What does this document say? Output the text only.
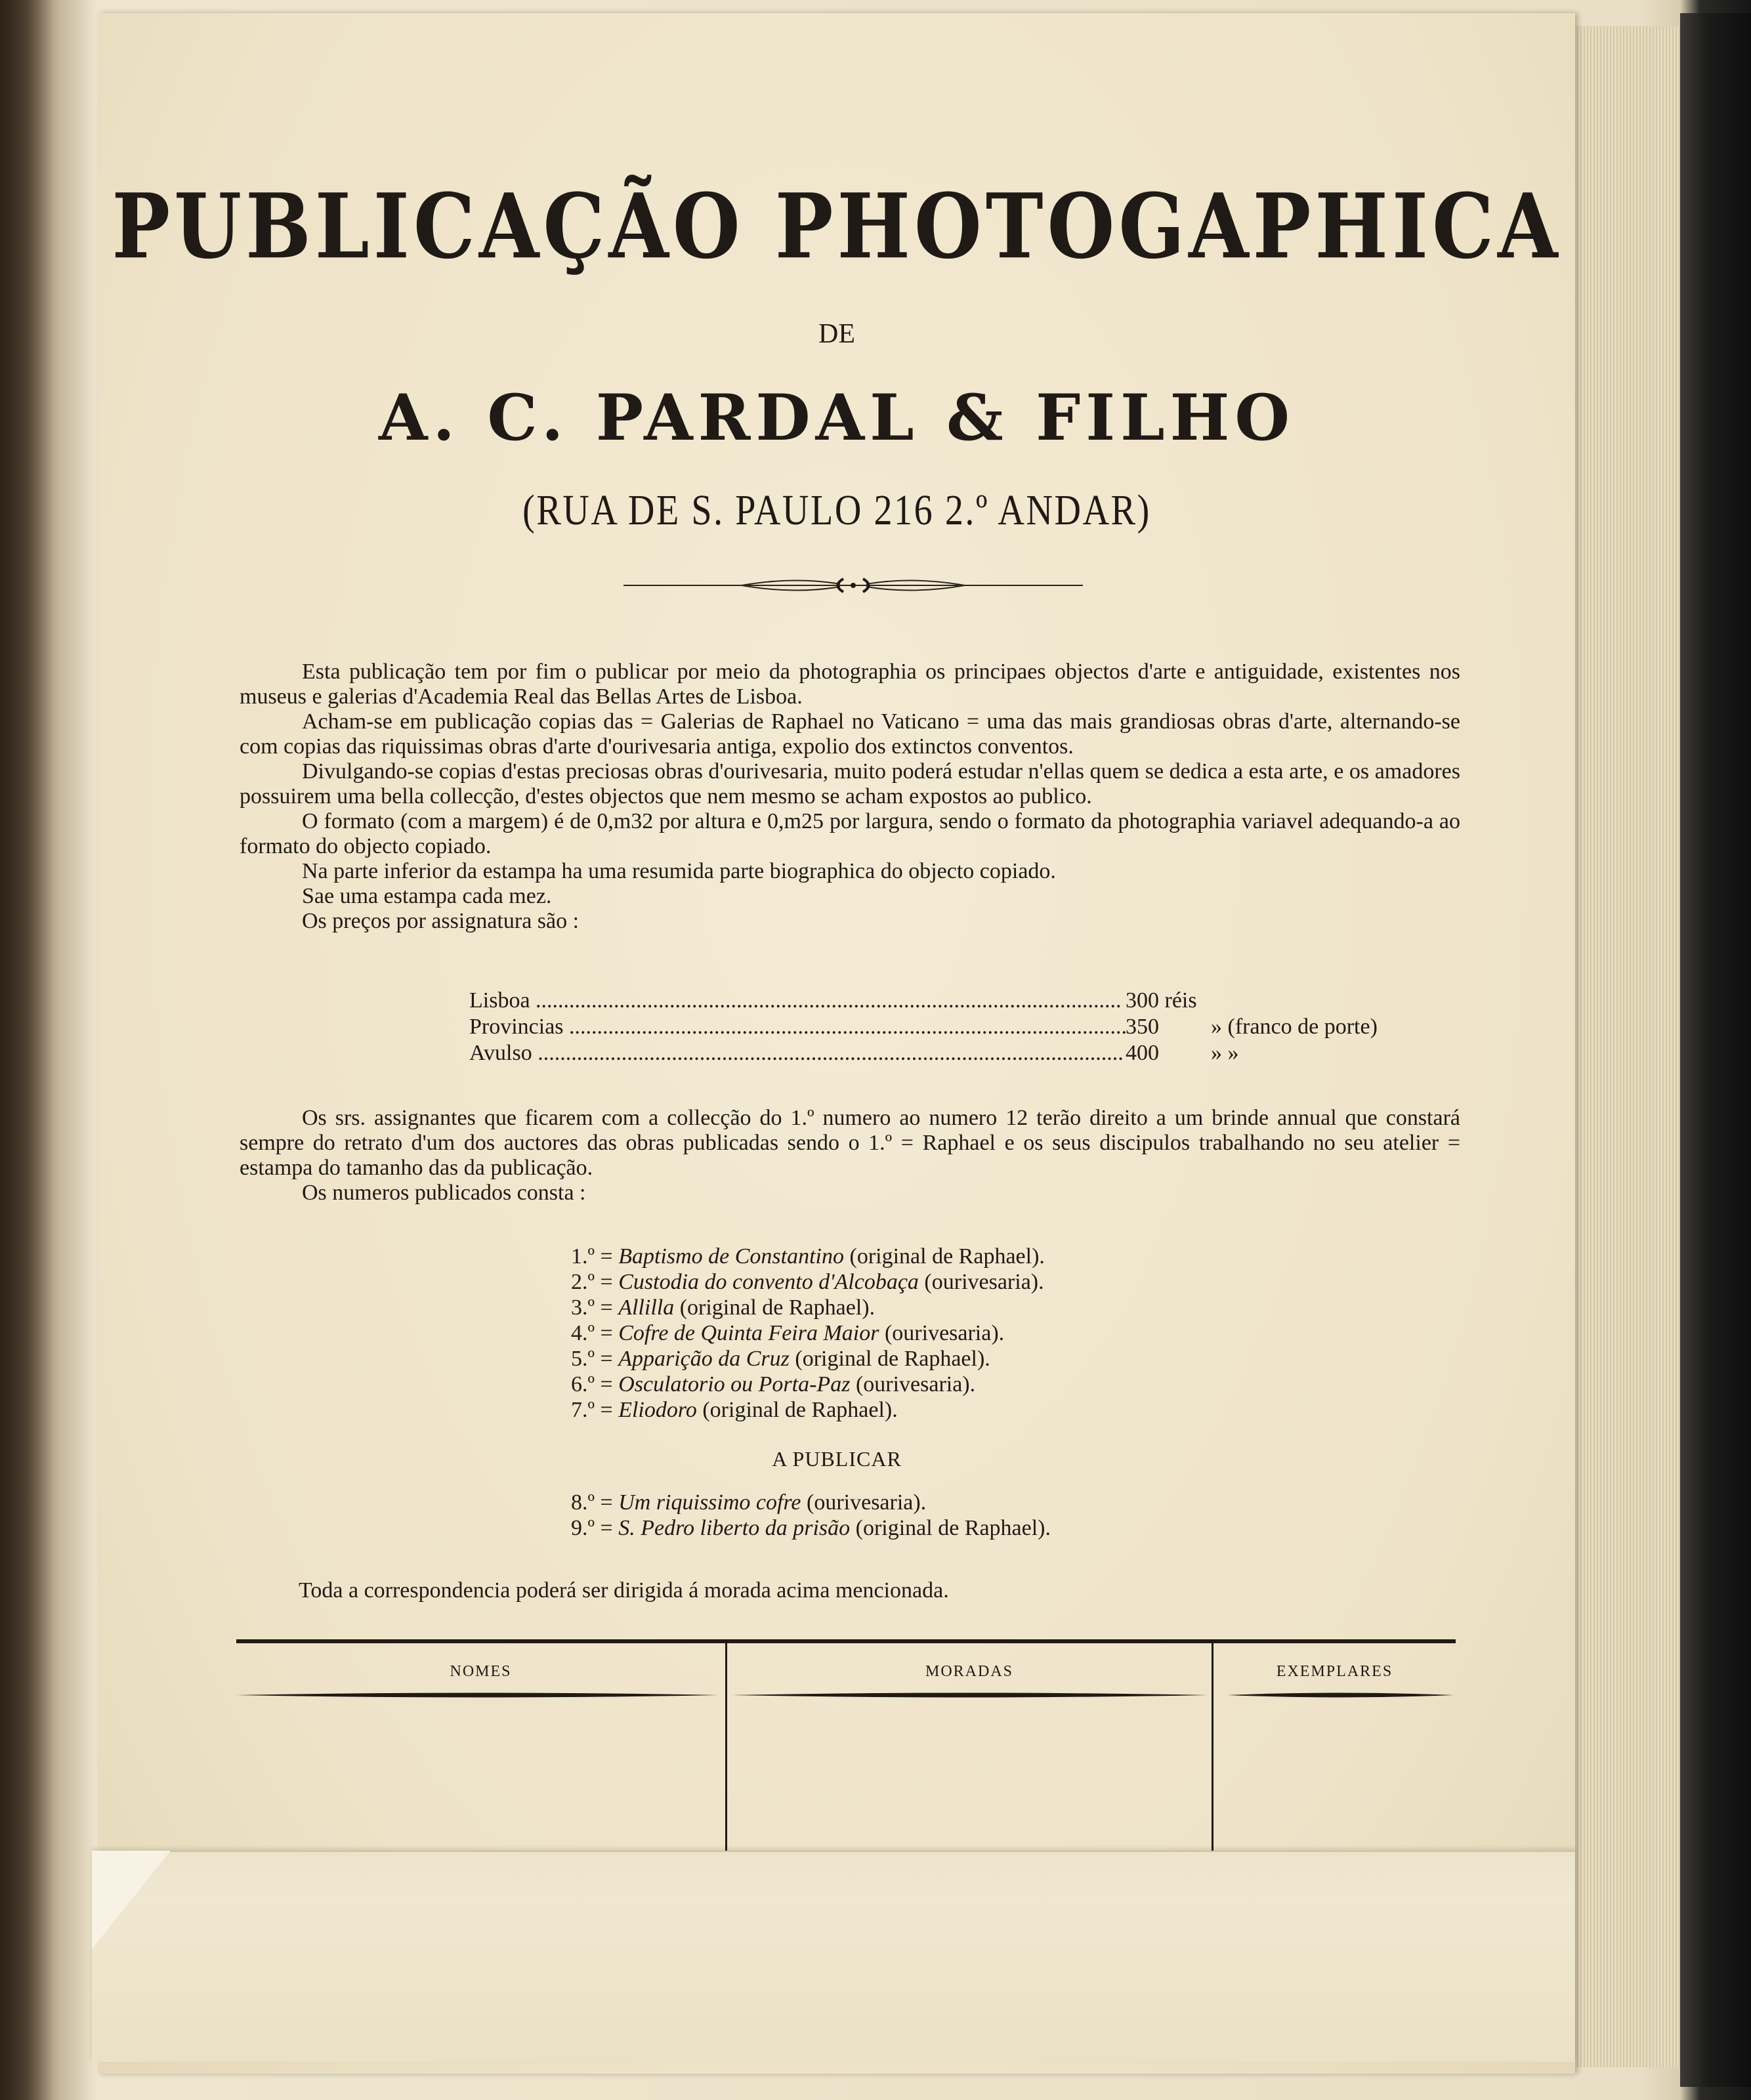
PUBLICAÇÃO PHOTOGAPHICA
DE
A. C. PARDAL & FILHO
(RUA DE S. PAULO 216 2.º ANDAR)

Esta publicação tem por fim o publicar por meio da photographia os principaes objectos d'arte e antiguidade, existentes nos museus e galerias d'Academia Real das Bellas Artes de Lisboa.

Acham-se em publicação copias das = Galerias de Raphael no Vaticano = uma das mais grandiosas obras d'arte, alternando-se com copias das riquissimas obras d'arte d'ourivesaria antiga, expolio dos extinctos conventos.

Divulgando-se copias d'estas preciosas obras d'ourivesaria, muito poderá estudar n'ellas quem se dedica a esta arte, e os amadores possuirem uma bella collecção, d'estes objectos que nem mesmo se acham expostos ao publico.

O formato (com a margem) é de 0,m32 por altura e 0,m25 por largura, sendo o formato da photographia variavel adequando-a ao formato do objecto copiado.

Na parte inferior da estampa ha uma resumida parte biographica do objecto copiado.

Sae uma estampa cada mez.

Os preços por assignatura são :

Lisboa .....	300 réis
Provincias .....	350	» (franco de porte)
Avulso .....	400	» »

Os srs. assignantes que ficarem com a collecção do 1.º numero ao numero 12 terão direito a um brinde annual que constará sempre do retrato d'um dos auctores das obras publicadas sendo o 1.º = Raphael e os seus discipulos trabalhando no seu atelier = estampa do tamanho das da publicação.

Os numeros publicados consta :

1.º = Baptismo de Constantino (original de Raphael).
2.º = Custodia do convento d'Alcobaça (ourivesaria).
3.º = Allilla (original de Raphael).
4.º = Cofre de Quinta Feira Maior (ourivesaria).
5.º = Apparição da Cruz (original de Raphael).
6.º = Osculatorio ou Porta-Paz (ourivesaria).
7.º = Eliodoro (original de Raphael).
A PUBLICAR
8.º = Um riquissimo cofre (ourivesaria).
9.º = S. Pedro liberto da prisão (original de Raphael).
Toda a correspondencia poderá ser dirigida á morada acima mencionada.
NOMES	MORADAS	EXEMPLARES
